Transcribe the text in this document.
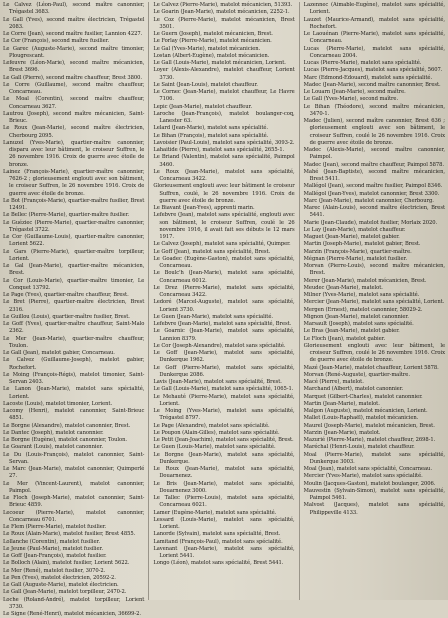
Le Calvez (Léon-Paul), second maître canonnier, Trégastel 3683.

Le Gall (Yves), second maître électricien, Trégastel 2083.

Le Corre (Jean), second maître fusilier, Lannion 4227.

Le Cor (François), second maître fusilier.

Le Garec (Auguste-Marie), second maître timonier, Plougrescant.

Lefeuvre (Léon-Marie), second maître mécanicien, Brest 3696.

Le Gall (Pierre), second maître chauffeur, Brest 3800.

Le Corre (Guillaume), second maître chauffeur, Concarneau.

Le Moal (Corentin), second maître chauffeur, Concarneau 3627.

Lautrou (Joseph), second maître mécanicien, Saint-Brieuc.

Le Roux (Jean-Marie), second maître électricien, Cherbourg 2095.

Lanuzel (Yves-Marie), quartier-maître canonnier, disparu avec leur bâtiment, le croiseur Suffren, le 26 novembre 1916. Croix de guerre avec étoile de bronze.

Lainez (François-Marie), quartier-maître canonnier, 7626-2 ; glorieusement englouti avec son bâtiment, le croiseur Suffren, le 26 novembre 1916. Croix de guerre avec étoile de bronze.

Le Bot (François-Marie), quartier-maître fusilier, Brest 12491.

Le Bellec (Pierre-Marie), quartier-maître fusilier.

Le Guéziec (Pierre-Marie), quartier-maître canonnier, Trégastel 3722.

Le Cor (Guillaume-Louis), quartier-maître canonnier, Lorient 5622.

Le Gars (Pierre-Marie), quartier-maître torpilleur, Lorient.

Le Gal (Jean-Marie), quartier-maître mécanicien, Brest.

Le Cor (Louis-Marie), quartier-maître timonier, Le Conquet 13792.

Le Page (Yves), quartier-maître chauffeur, Brest.

Le Bret (Pierre), quartier-maître électricien, Brest 2316.

Le Guillou (Louis), quartier-maître fusilier, Brest.

Le Goff (Yves), quartier-maître chauffeur, Saint-Malo 2362.

Le Mer (Jean-Marie), quartier-maître chauffeur, Toulon.

Le Gall (Jean), matelot gabier, Concarneau.

Le Calvez (Guillaume-Joseph), matelot gabier, Rochefort.

Le Moing (François-Régis), matelot timonier, Saint-Servan 2403.

Le Lanon (Jean-Marie), matelot sans spécialité, Lorient.

Lacoste (Louis), matelot timonier, Lorient.

Lacomy (Henri), matelot canonnier, Saint-Brieuc 4851.

Le Borgne (Alexandre), matelot canonnier, Brest.

Le Dantec (Joseph), matelot canonnier.

Le Borgne (Eugène), matelot canonnier, Toulon.

Le Goarant (Louis), matelot canonnier.

Le Du (Louis-François), matelot canonnier, Saint-Servan.

Le Marc (Jean-Marie), matelot canonnier, Quimperlé 27.

Le Mer (Vincent-Laurent), matelot canonnier, Paimpol.

Le Floch (Joseph-Marie), matelot canonnier, Saint-Brieuc 4859.

Lecoeur (Pierre-Marie), matelot canonnier, Concarneau 6701.

Le Flem (Pierre-Marie), matelot fusilier.

Le Roux (Alain-Marie), matelot fusilier, Brest 4855.

Lollanche (Corentin), matelot fusilier.

Le Jeune (Paul-Marie), matelot fusilier.

Le Goff (Jean-François), matelot fusilier.

Le Bolloch (Alain), matelot fusilier, Lorient 5622.

Le Mer (René), matelot fusilier, 3070-2.

Le Pen (Yves), matelot électricien, 20592-2.

Le Gall (Auguste-Marie), matelot électricien.

Le Gall (Jean-Marie), matelot torpilleur, 2470-2.

Loche (Roland-André), matelot torpilleur, Lorient 3730.

Le Signe (René-Henri), matelot mécanicien, 36699-2.

Le Calvez (Pierre-Marie), matelot mécanicien, 51393.

Le Goarin (Jean-Marie), matelot mécanicien, 2252-1.

Le Coz (Pierre-Marie), matelot mécanicien, Brest 3501.

Le Guern (Joseph), matelot mécanicien, Brest.

Le Forlay (Pierre-Marie), matelot mécanicien.

Le Gal (Yves-Marie), matelot mécanicien.

Lostan (Albert-Eugène), matelot mécanicien.

Le Gall (Louis-Marie), matelot mécanicien, Lorient.

Loyer (Alexis-Alexandre), matelot chauffeur, Lorient 3730.

Le Saint (Jean-Louis), matelot chauffeur.

Le Cornec (Jean-Marie), matelot chauffeur, Le Havre 7106.

Lepic (Jean-Marie), matelot chauffeur.

Laroche (Jean-François), matelot boulanger-coq, Lanester 63.

Lelard (Jean-Marie), matelot sans spécialité.

Le Bihan (François), matelot sans spécialité.

Lavoisier (Paul-Louis), matelot sans spécialité, 3093-2.

Lahaitide (Pierre), matelot sans spécialité, 2655-1.

Le Briand (Valentin), matelot sans spécialité, Paimpol 3460.

Le Roux (Jean-Marie), matelot sans spécialité, Concarneau 3422.

Glorieusement englouti avec leur bâtiment le croiseur Suffren, coulé, le 26 novembre 1916. Croix de guerre avec étoile de bronze.

Le Biavant (Jean-Yves), apprenti marin.

Lefebvre (Jean), matelot sans spécialité, englouti avec son bâtiment, le croiseur Suffren, coulé le 26 novembre 1916, il avait fait ses débuts le 12 mars 1917.

Le Calvez (Joseph), matelot sans spécialité, Quimper.

Le Goff (Jean), matelot sans spécialité, Brest.

Le Goadec (Eugène-Gaston), matelot sans spécialité, Concarneau.

Le Boulc'h (Jean-Marie), matelot sans spécialité, Concarneau 6012.

Le Drez (Pierre-Marie), matelot sans spécialité, Concarneau 3422.

Ledoré (Marcel-Auguste), matelot sans spécialité, Lorient 3730.

Le Guen (Jean-Marie), matelot sans spécialité.

Lefebvre (Jean-Marie), matelot sans spécialité, Brest.

Le Goarnic (Jean-Marie), matelot sans spécialité, Lannion 8379.

Le Cor (Joseph-Alexandre), matelot sans spécialité.

Le Goff (Jean-Marie), matelot sans spécialité, Dunkerque 1962.

Le Goff (Pierre-Marie), matelot sans spécialité, Dunkerque 2086.

Lavis (Jean-Marie), matelot sans spécialité, Brest.

Le Gall (Louis-Marie), matelot sans spécialité, 1065-1.

Le Mehauté (Pierre-Marie), matelot sans spécialité, Lorient.

Le Moing (Yves-Marie), matelot sans spécialité, Trégastel 8797.

Le Page (Alexandre), matelot sans spécialité.

Le Poupon (Alain-Gilles), matelot sans spécialité.

Le Petit (Jean-Joachim), matelot sans spécialité, Brest.

Le Guen (Louis-Marie), matelot sans spécialité.

Le Borgne (Jean-Marie), matelot sans spécialité, Dunkerque.

Le Roux (Jean-Marie), matelot sans spécialité, Douarnenez.

Le Bris (Jean-Marie), matelot sans spécialité, Douarnenez 3000.

Le Tallec (Pierre-Louis), matelot sans spécialité, Concarneau 6021.

Lamer (Eugène-Marie), matelot sans spécialité.

Lessard (Louis-Marie), matelot sans spécialité, Lorient.

Lanorde (Sylvain), matelot sans spécialité, Brest.

Lamitand (François-Paul), matelot sans spécialité.

Lavenant (Jean-Marie), matelot sans spécialité, Lorient 5441.

Longo (Léon), matelot sans spécialité, Brest 5441.

Lazennec (Aimable-Eugène), matelot sans spécialité, Lorient.

Lauzet (Maurice-Armand), matelot sans spécialité, Rochefort.

Le Laouénan (Pierre-Marie), matelot sans spécialité, Concarneau.

Lucas (Pierre-Marie), matelot sans spécialité, Concarneau 2004.

Lucas (Pierre-Marie), matelot sans spécialité.

Lucas (Pierre-Jacques), matelot sans spécialité, 5607.

Marc (Edmond-Edouard), matelot sans spécialité.

Madec (Jean-Marie), second maître canonnier, Brest.

Le Louarn (Jean-Marie), second maître.

Le Gall (Yves-Marie), second maître.

Le Bihan (Théodore), second maître mécanicien, 3470-1.

Madec (Julien), second maître canonnier, Brest 636 ; glorieusement englouti avec son bâtiment, le croiseur Suffren, coulé le 26 novembre 1916. Croix de guerre avec étoile de bronze.

Madec (Alexis-Marie), second maître canonnier, Paimpol.

Madec (Jean), second maître chauffeur, Paimpol 5878.

Mahé (Jean-Baptiste), second maître mécanicien, Brest 5411.

Mallégol (Jean), second maître fusilier, Paimpol 8346.

Mallégol (Jean-Yves), matelot canonnier, Brest 3300.

Marc (Jean-Marie), matelot canonnier, Cherbourg.

Marec (Alain-Louis), second maître électricien, Brest 5441.

Marie (Jean-Claude), matelot fusilier, Morlaix 2020.

Le Lay (Jean-Marie), matelot chauffeur.

Maguet (Jean-Marie), matelot gabier.

Martin (Joseph-Marie), matelot gabier, Brest.

Marzin (François-Marie), quartier-maître.

Mégnan (Pierre-Marie), matelot fusilier.

Morvan (Pierre-Louis), second maître mécanicien, Brest.

Merer (Jean-Marie), matelot mécanicien, Brest.

Meudec (Jean-Marie), matelot.

Milner (Yves-Marie), matelot sans spécialité.

Mercier (Jean-Marie), matelot sans spécialité, Lorient.

Mergen (Ernest), matelot canonnier, 58029-2.

Mignon (Jean-Marie), matelot canonnier.

Marsault (Joseph), matelot sans spécialité.

Le Bras (Jean-Marie), matelot gabier.

Le Floch (Jean), matelot gabier.

Glorieusement englouti avec leur bâtiment, le croiseur Suffren, coulé le 26 novembre 1916. Croix de guerre avec étoile de bronze.

Mazé (Jean-Marie), matelot chauffeur, Lorient 5878.

Morvan (René-Auguste), quartier-maître.

Macé (Pierre), matelot.

Marchand (Albert), matelot canonnier.

Marquet (Gilbert-Charles), matelot canonnier.

Martin (Jean-Marie), matelot.

Malgon (Auguste), matelot mécanicien, Lorient.

Mallet (Louis-Raphaël), matelot mécanicien.

Maurel (Joseph-Marie), matelot mécanicien, Brest.

Marzin (Jean-Marie), matelot.

Mazurié (Pierre-Marie), matelot chauffeur, 2698-1.

Maréchal (Henri-Louis), matelot chauffeur.

Moal (Pierre-Marie), matelot sans spécialité, Dunkerque 3003.

Moal (Jean), matelot sans spécialité, Concarneau.

Mercier (Yves-Marie), matelot sans spécialité.

Moulin (Jacques-Gaston), matelot boulanger, 2006.

Mauvestin (Sylvain-Simon), matelot sans spécialité, Paimpol 5461.

Malvost (Jacques), matelot sans spécialité, Philippeville 4133.
